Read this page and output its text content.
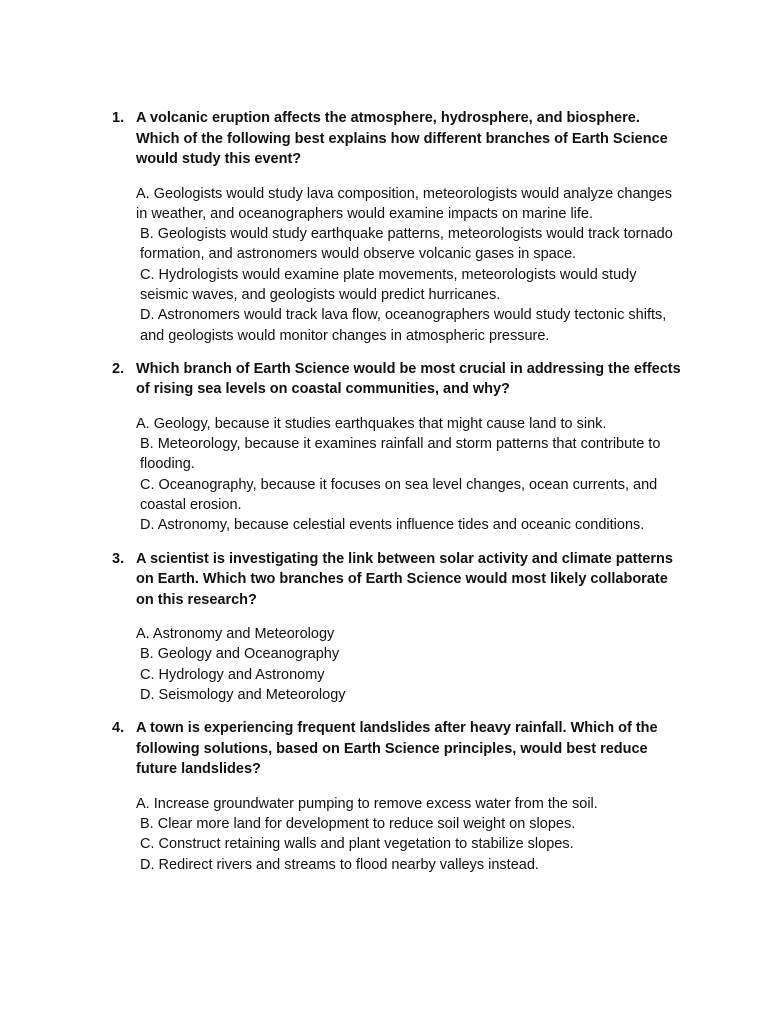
1. A volcanic eruption affects the atmosphere, hydrosphere, and biosphere. Which of the following best explains how different branches of Earth Science would study this event?

A. Geologists would study lava composition, meteorologists would analyze changes in weather, and oceanographers would examine impacts on marine life.
B. Geologists would study earthquake patterns, meteorologists would track tornado formation, and astronomers would observe volcanic gases in space.
C. Hydrologists would examine plate movements, meteorologists would study seismic waves, and geologists would predict hurricanes.
D. Astronomers would track lava flow, oceanographers would study tectonic shifts, and geologists would monitor changes in atmospheric pressure.
2. Which branch of Earth Science would be most crucial in addressing the effects of rising sea levels on coastal communities, and why?

A. Geology, because it studies earthquakes that might cause land to sink.
B. Meteorology, because it examines rainfall and storm patterns that contribute to flooding.
C. Oceanography, because it focuses on sea level changes, ocean currents, and coastal erosion.
D. Astronomy, because celestial events influence tides and oceanic conditions.
3. A scientist is investigating the link between solar activity and climate patterns on Earth. Which two branches of Earth Science would most likely collaborate on this research?

A. Astronomy and Meteorology
B. Geology and Oceanography
C. Hydrology and Astronomy
D. Seismology and Meteorology
4. A town is experiencing frequent landslides after heavy rainfall. Which of the following solutions, based on Earth Science principles, would best reduce future landslides?

A. Increase groundwater pumping to remove excess water from the soil.
B. Clear more land for development to reduce soil weight on slopes.
C. Construct retaining walls and plant vegetation to stabilize slopes.
D. Redirect rivers and streams to flood nearby valleys instead.
